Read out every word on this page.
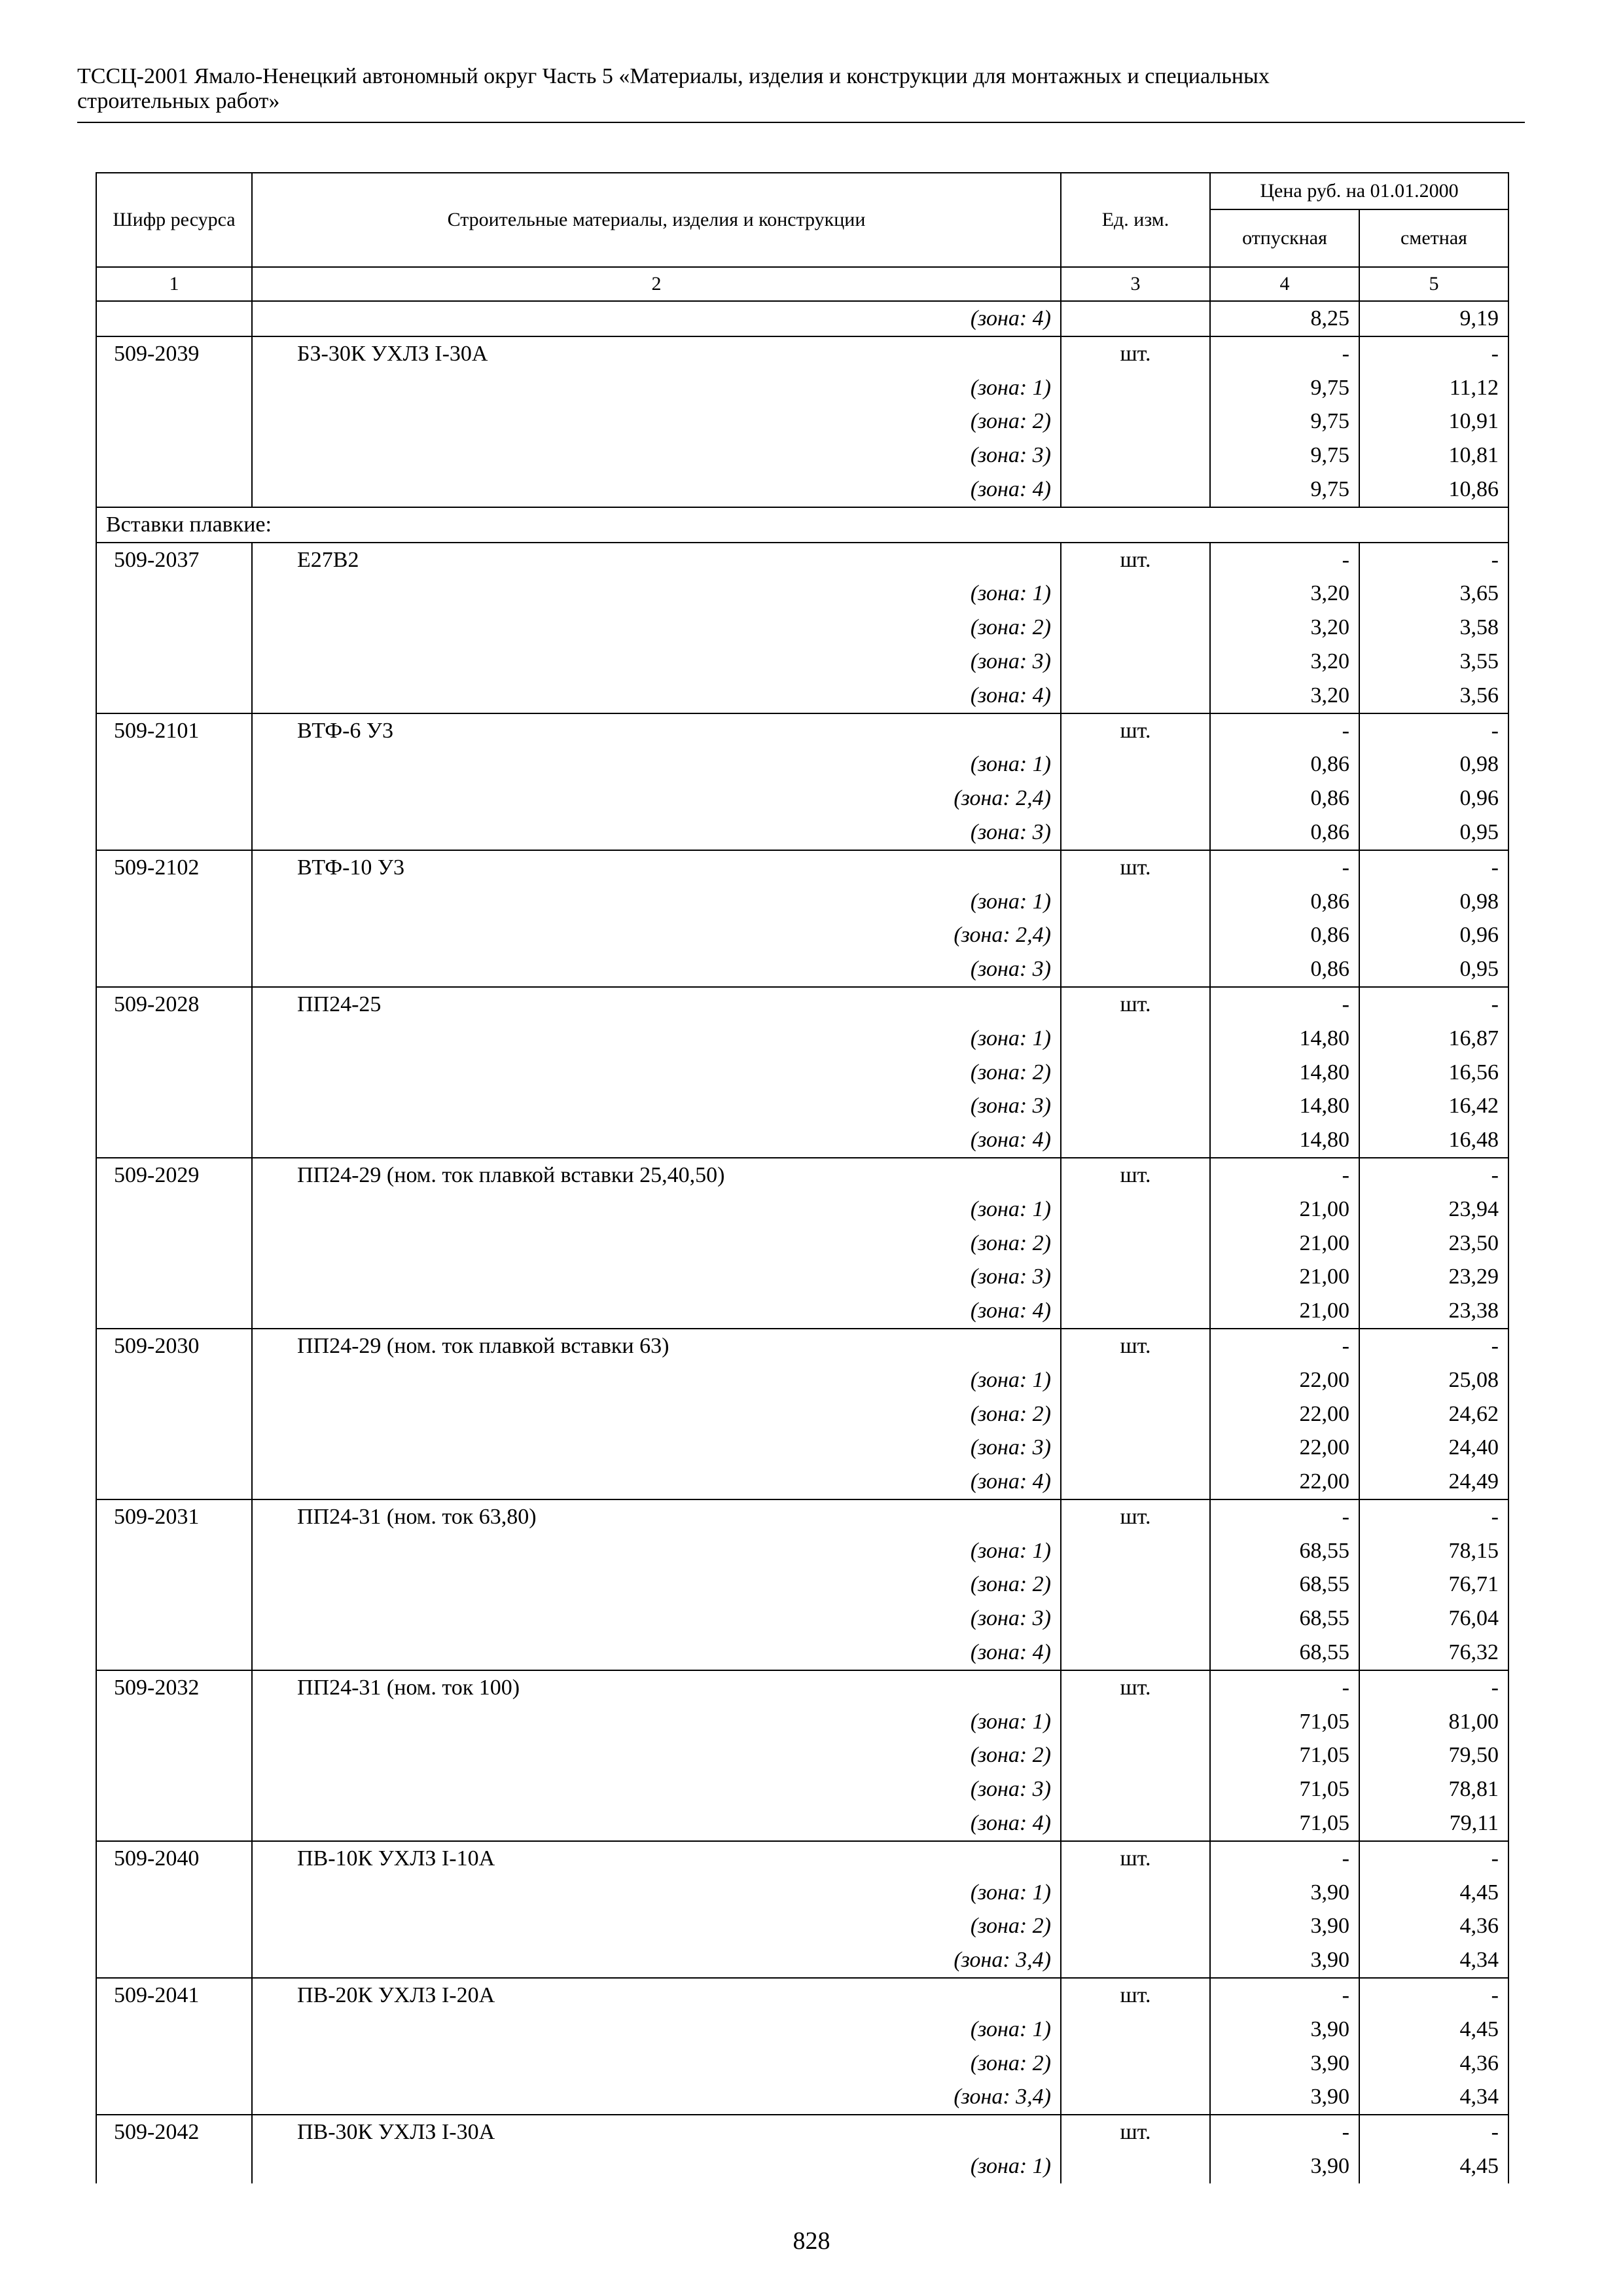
ТССЦ-2001 Ямало-Ненецкий автономный округ Часть 5 «Материалы, изделия и конструкции для монтажных и специальных
строительных работ»
Шифр ресурса	Строительные материалы, изделия и конструкции	Ед. изм.	Цена руб. на 01.01.2000	
			отпускная	сметная
1	2	3	4	5
	(зона: 4)		8,25	9,19
509-2039	БЗ-30К УХЛЗ I-30А	шт.	-	-
	(зона: 1)		9,75	11,12
	(зона: 2)		9,75	10,91
	(зона: 3)		9,75	10,81
	(зона: 4)		9,75	10,86
Вставки плавкие:				
509-2037	Е27В2	шт.	-	-
	(зона: 1)		3,20	3,65
	(зона: 2)		3,20	3,58
	(зона: 3)		3,20	3,55
	(зона: 4)		3,20	3,56
509-2101	ВТФ-6 У3	шт.	-	-
	(зона: 1)		0,86	0,98
	(зона: 2,4)		0,86	0,96
	(зона: 3)		0,86	0,95
509-2102	ВТФ-10 У3	шт.	-	-
	(зона: 1)		0,86	0,98
	(зона: 2,4)		0,86	0,96
	(зона: 3)		0,86	0,95
509-2028	ПП24-25	шт.	-	-
	(зона: 1)		14,80	16,87
	(зона: 2)		14,80	16,56
	(зона: 3)		14,80	16,42
	(зона: 4)		14,80	16,48
509-2029	ПП24-29 (ном. ток плавкой вставки 25,40,50)	шт.	-	-
	(зона: 1)		21,00	23,94
	(зона: 2)		21,00	23,50
	(зона: 3)		21,00	23,29
	(зона: 4)		21,00	23,38
509-2030	ПП24-29 (ном. ток плавкой вставки 63)	шт.	-	-
	(зона: 1)		22,00	25,08
	(зона: 2)		22,00	24,62
	(зона: 3)		22,00	24,40
	(зона: 4)		22,00	24,49
509-2031	ПП24-31 (ном. ток 63,80)	шт.	-	-
	(зона: 1)		68,55	78,15
	(зона: 2)		68,55	76,71
	(зона: 3)		68,55	76,04
	(зона: 4)		68,55	76,32
509-2032	ПП24-31 (ном. ток 100)	шт.	-	-
	(зона: 1)		71,05	81,00
	(зона: 2)		71,05	79,50
	(зона: 3)		71,05	78,81
	(зона: 4)		71,05	79,11
509-2040	ПВ-10К УХЛЗ I-10А	шт.	-	-
	(зона: 1)		3,90	4,45
	(зона: 2)		3,90	4,36
	(зона: 3,4)		3,90	4,34
509-2041	ПВ-20К УХЛЗ I-20А	шт.	-	-
	(зона: 1)		3,90	4,45
	(зона: 2)		3,90	4,36
	(зона: 3,4)		3,90	4,34
509-2042	ПВ-30К УХЛЗ I-30А	шт.	-	-
	(зона: 1)		3,90	4,45
828
